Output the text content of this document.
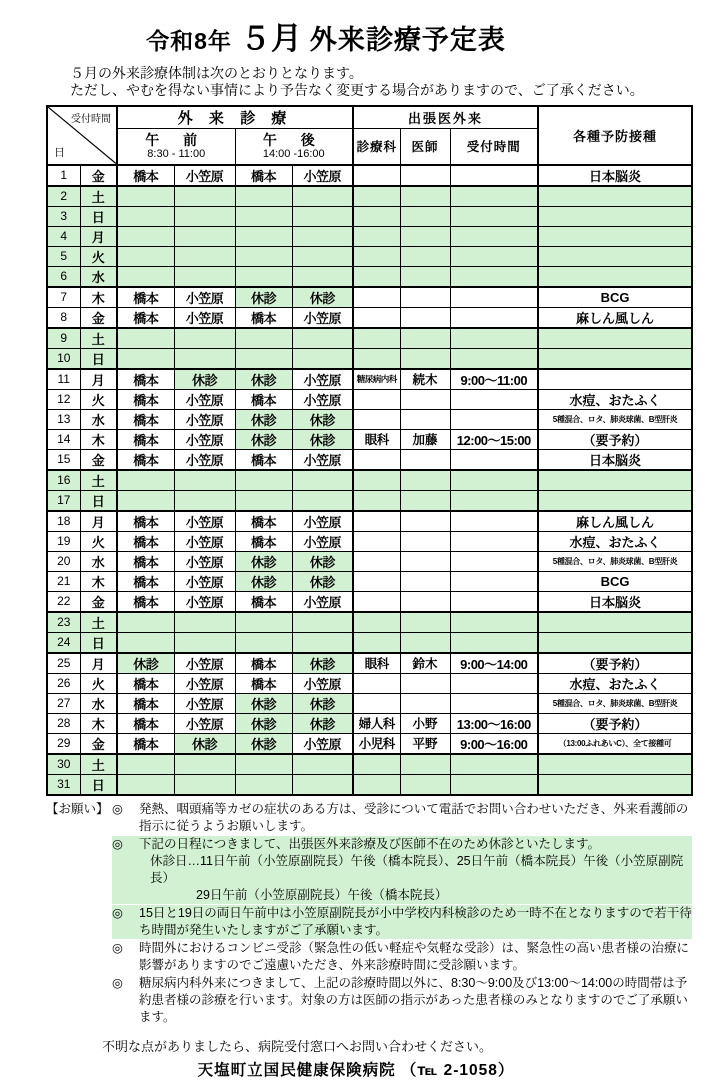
令和8年 ５月 外来診療予定表
５月の外来診療体制は次のとおりとなります。
ただし、やむを得ない事情により予告なく変更する場合がありますので、ご了承ください。
受付時間
日		外 来 診 療				出張医外来			各種予防接種

午 前
8:30 - 11:00

午 後
14:00 -16:00	診療科	医師	受付時間
1	金	橋本	小笠原	橋本	小笠原				日本脳炎
2	土								
3	日								
4	月								
5	火								
6	水								
7	木	橋本	小笠原	休診	休診				BCG
8	金	橋本	小笠原	橋本	小笠原				麻しん風しん
9	土								
10	日								
11	月	橋本	休診	休診	小笠原	糖尿病内科	続木	9:00～11:00	
12	火	橋本	小笠原	橋本	小笠原				水痘、おたふく
13	水	橋本	小笠原	休診	休診				5種混合、ロタ、肺炎球菌、B型肝炎
14	木	橋本	小笠原	休診	休診	眼科	加藤	12:00～15:00	（要予約）
15	金	橋本	小笠原	橋本	小笠原				日本脳炎
16	土								
17	日								
18	月	橋本	小笠原	橋本	小笠原				麻しん風しん
19	火	橋本	小笠原	橋本	小笠原				水痘、おたふく
20	水	橋本	小笠原	休診	休診				5種混合、ロタ、肺炎球菌、B型肝炎
21	木	橋本	小笠原	休診	休診				BCG
22	金	橋本	小笠原	橋本	小笠原				日本脳炎
23	土								
24	日								
25	月	休診	小笠原	橋本	休診	眼科	鈴木	9:00～14:00	（要予約）
26	火	橋本	小笠原	橋本	小笠原				水痘、おたふく
27	水	橋本	小笠原	休診	休診				5種混合、ロタ、肺炎球菌、B型肝炎
28	木	橋本	小笠原	休診	休診	婦人科	小野	13:00～16:00	（要予約）
29	金	橋本	休診	休診	小笠原	小児科	平野	9:00～16:00	（13:00ふれあいC）、全て接種可
30	土								
31	日								
【お願い】 ◎ 発熱、咽頭痛等カゼの症状のある方は、受診について電話でお問い合わせいただき、外来看護師の指示に従うようお願いします。
◎ 下記の日程につきまして、出張医外来診療及び医師不在のため休診といたします。
休診日…11日午前（小笠原副院長）午後（橋本院長）、25日午前（橋本院長）午後（小笠原副院長）
29日午前（小笠原副院長）午後（橋本院長）
◎ 15日と19日の両日午前中は小笠原副院長が小中学校内科検診のため一時不在となりますので若干待ち時間が発生いたしますがご了承願います。
◎ 時間外におけるコンビニ受診（緊急性の低い軽症や気軽な受診）は、緊急性の高い患者様の治療に影響がありますのでご遠慮いただき、外来診療時間に受診願います。
◎ 糖尿病内科外来につきまして、上記の診療時間以外に、8:30～9:00及び13:00～14:00の時間帯は予約患者様の診療を行います。対象の方は医師の指示があった患者様のみとなりますのでご了承願います。
不明な点がありましたら、病院受付窓口へお問い合わせください。
天塩町立国民健康保険病院 （℡ 2-1058）
